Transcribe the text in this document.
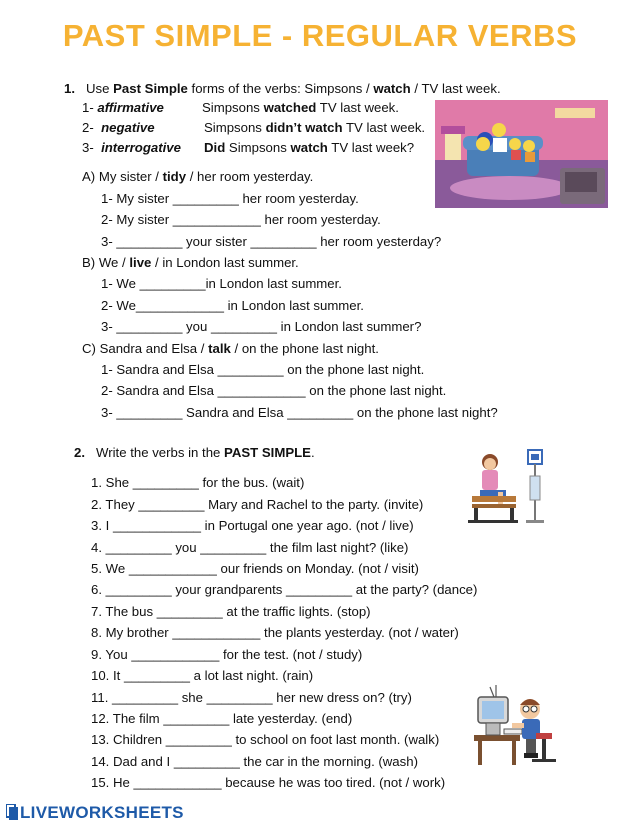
PAST SIMPLE - REGULAR VERBS
1. Use Past Simple forms of the verbs: Simpsons / watch / TV last week.
1- affirmative	Simpsons watched TV last week.
2- negative	Simpsons didn’t watch TV last week.
3- interrogative Did Simpsons watch TV last week?
A) My sister / tidy / her room yesterday.
1- My sister _________ her room yesterday.
2- My sister ____________ her room yesterday.
3- _________ your sister _________ her room yesterday?
B) We / live / in London last summer.
1- We _________in London last summer.
2- We____________ in London last summer.
3- _________ you _________ in London last summer?
C) Sandra and Elsa / talk / on the phone last night.
1- Sandra and Elsa _________ on the phone last night.
2- Sandra and Elsa ____________ on the phone last night.
3- _________ Sandra and Elsa _________ on the phone last night?
2. Write the verbs in the PAST SIMPLE.
1. She _________ for the bus. (wait)
2. They _________ Mary and Rachel to the party. (invite)
3. I ____________ in Portugal one year ago. (not / live)
4. _________ you _________ the film last night? (like)
5. We ____________ our friends on Monday. (not / visit)
6. _________ your grandparents _________ at the party? (dance)
7. The bus _________ at the traffic lights. (stop)
8. My brother ____________ the plants yesterday. (not / water)
9. You ____________ for the test. (not / study)
10. It _________ a lot last night. (rain)
11. _________ she _________ her new dress on? (try)
12. The film _________ late yesterday. (end)
13. Children _________ to school on foot last month. (walk)
14. Dad and I _________ the car in the morning. (wash)
15. He ____________ because he was too tired. (not / work)
LIVEWORKSHEETS
